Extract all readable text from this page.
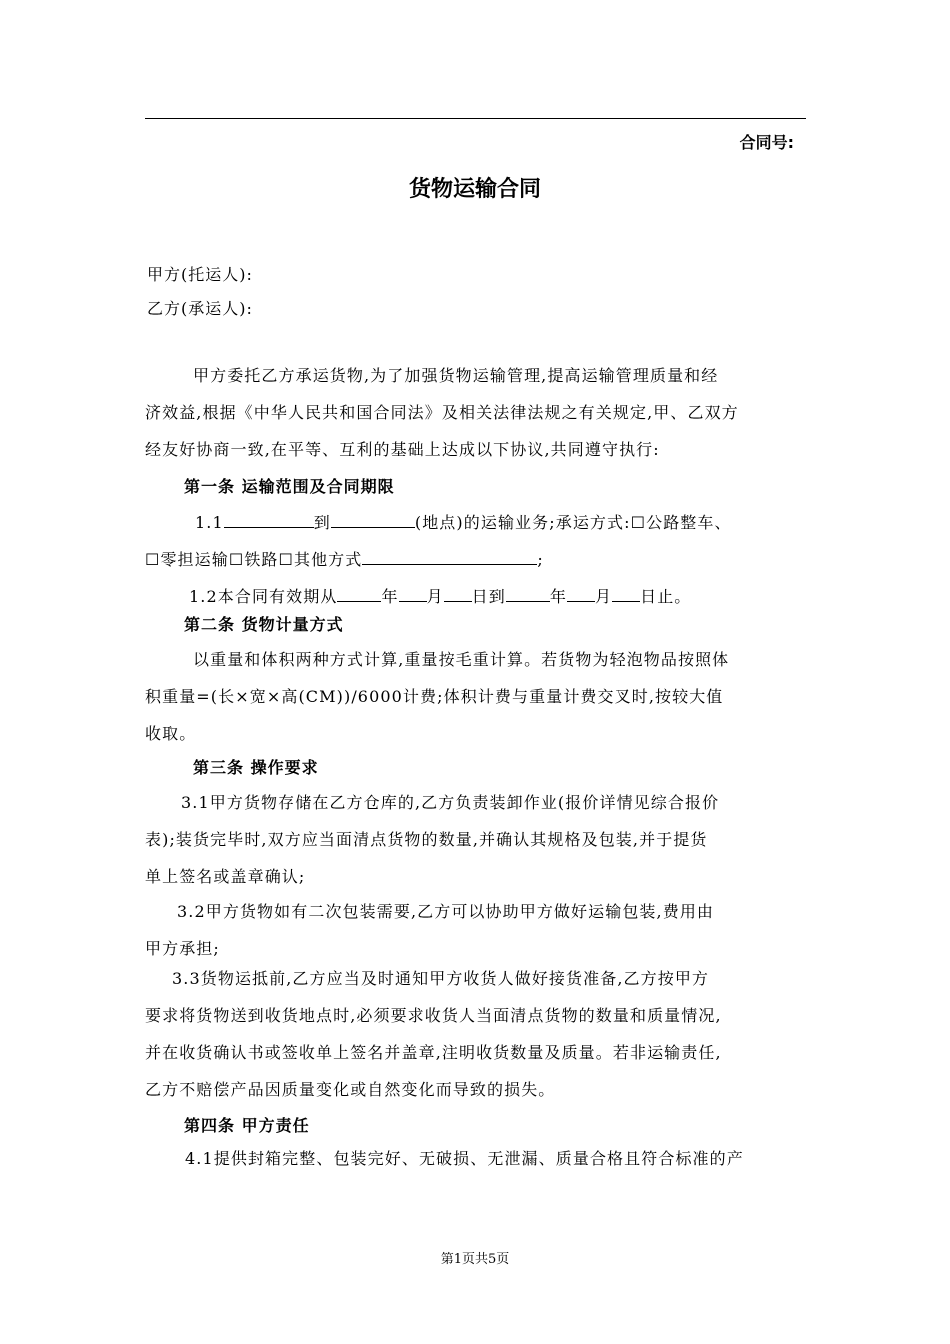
合同号:
货物运输合同
甲方(托运人):
乙方(承运人):
甲方委托乙方承运货物,为了加强货物运输管理,提高运输管理质量和经
济效益,根据《中华人民共和国合同法》及相关法律法规之有关规定,甲、乙双方
经友好协商一致,在平等、互利的基础上达成以下协议,共同遵守执行:
第一条 运输范围及合同期限
1.1	到	(地点)的运输业务;承运方式:☐公路整车、
☐零担运输☐铁路☐其他方式	;
1.2本合同有效期从	年 月 日到	年 月 日止。
第二条 货物计量方式
以重量和体积两种方式计算,重量按毛重计算。若货物为轻泡物品按照体
积重量=(长×宽×高(CM))/6000计费;体积计费与重量计费交叉时,按较大值
收取。
第三条 操作要求
3.1甲方货物存储在乙方仓库的,乙方负责装卸作业(报价详情见综合报价
表);装货完毕时,双方应当面清点货物的数量,并确认其规格及包装,并于提货
单上签名或盖章确认;
3.2甲方货物如有二次包装需要,乙方可以协助甲方做好运输包装,费用由
甲方承担;
3.3货物运抵前,乙方应当及时通知甲方收货人做好接货准备,乙方按甲方
要求将货物送到收货地点时,必须要求收货人当面清点货物的数量和质量情况,
并在收货确认书或签收单上签名并盖章,注明收货数量及质量。若非运输责任,
乙方不赔偿产品因质量变化或自然变化而导致的损失。
第四条 甲方责任
4.1提供封箱完整、包装完好、无破损、无泄漏、质量合格且符合标准的产
第1页共5页
